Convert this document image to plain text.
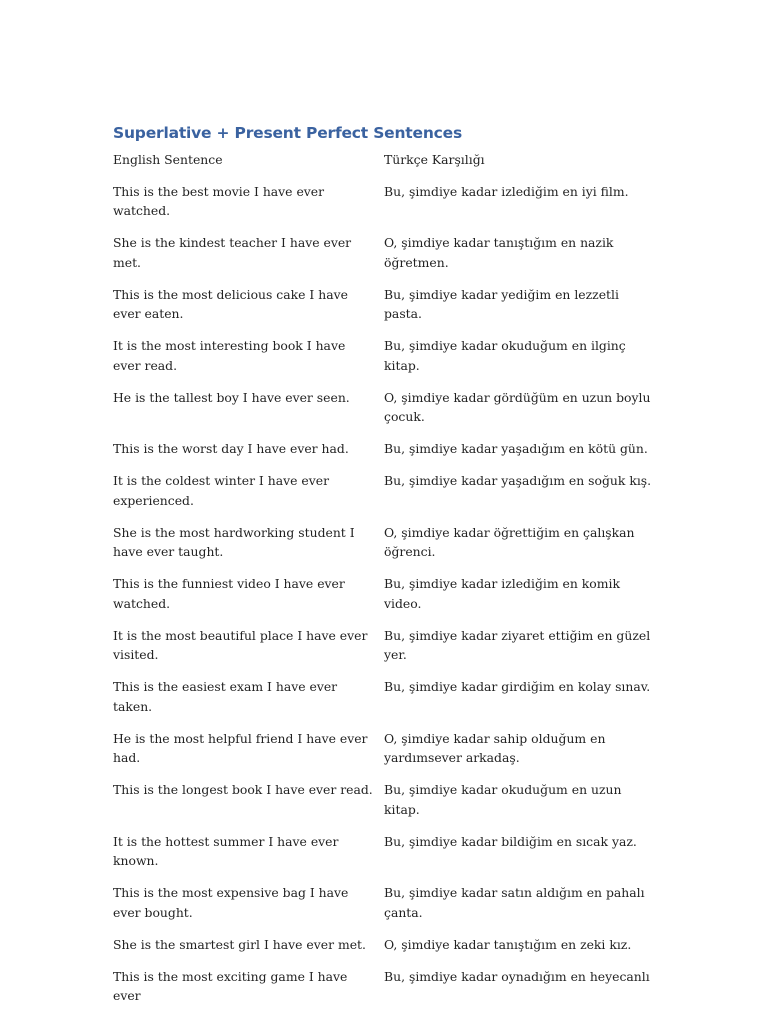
Superlative + Present Perfect Sentences
English Sentence	Türkçe Karşılığı
This is the best movie I have ever watched.	Bu, şimdiye kadar izlediğim en iyi film.
She is the kindest teacher I have ever met.	O, şimdiye kadar tanıştığım en nazik öğretmen.
This is the most delicious cake I have ever eaten.	Bu, şimdiye kadar yediğim en lezzetli pasta.
It is the most interesting book I have ever read.	Bu, şimdiye kadar okuduğum en ilginç kitap.
He is the tallest boy I have ever seen.	O, şimdiye kadar gördüğüm en uzun boylu çocuk.
This is the worst day I have ever had.	Bu, şimdiye kadar yaşadığım en kötü gün.
It is the coldest winter I have ever experienced.	Bu, şimdiye kadar yaşadığım en soğuk kış.
She is the most hardworking student I have ever taught.	O, şimdiye kadar öğrettiğim en çalışkan öğrenci.
This is the funniest video I have ever watched.	Bu, şimdiye kadar izlediğim en komik video.
It is the most beautiful place I have ever visited.	Bu, şimdiye kadar ziyaret ettiğim en güzel yer.
This is the easiest exam I have ever taken.	Bu, şimdiye kadar girdiğim en kolay sınav.
He is the most helpful friend I have ever had.	O, şimdiye kadar sahip olduğum en yardımsever arkadaş.
This is the longest book I have ever read.	Bu, şimdiye kadar okuduğum en uzun kitap.
It is the hottest summer I have ever known.	Bu, şimdiye kadar bildiğim en sıcak yaz.
This is the most expensive bag I have ever bought.	Bu, şimdiye kadar satın aldığım en pahalı çanta.
She is the smartest girl I have ever met.	O, şimdiye kadar tanıştığım en zeki kız.
This is the most exciting game I have ever	Bu, şimdiye kadar oynadığım en heyecanlı
